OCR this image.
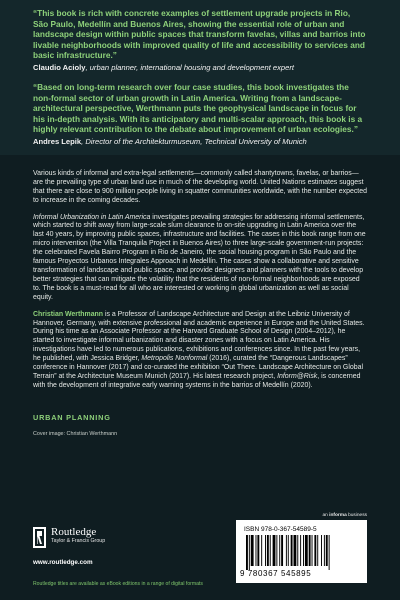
“This book is rich with concrete examples of settlement upgrade projects in Rio, São Paulo, Medellín and Buenos Aires, showing the essential role of urban and landscape design within public spaces that transform favelas, villas and barrios into livable neighborhoods with improved quality of life and accessibility to services and basic infrastructure.”

Claudio Acioly, urban planner, international housing and development expert

“Based on long-term research over four case studies, this book investigates the non-formal sector of urban growth in Latin America. Writing from a landscape-architectural perspective, Werthmann puts the geophysical landscape in focus for his in-depth analysis. With its anticipatory and multi-scalar approach, this book is a highly relevant contribution to the debate about improvement of urban ecologies.”

Andres Lepik, Director of the Architekturmuseum, Technical University of Munich

Various kinds of informal and extra-legal settlements—commonly called shantytowns, favelas, or barrios—are the prevailing type of urban land use in much of the developing world. United Nations estimates suggest that there are close to 900 million people living in squatter communities worldwide, with the number expected to increase in the coming decades.

Informal Urbanization in Latin America investigates prevailing strategies for addressing informal settlements, which started to shift away from large-scale slum clearance to on-site upgrading in Latin America over the last 40 years, by improving public spaces, infrastructure and facilities. The cases in this book range from one micro intervention (the Villa Tranquila Project in Buenos Aires) to three large-scale government-run projects: the celebrated Favela Bairro Program in Rio de Janeiro, the social housing program in São Paulo and the famous Proyectos Urbanos Integrales Approach in Medellín. The cases show a collaborative and sensitive transformation of landscape and public space, and provide designers and planners with the tools to develop better strategies that can mitigate the volatility that the residents of non-formal neighborhoods are exposed to. The book is a must-read for all who are interested or working in global urbanization as well as social equity.

Christian Werthmann is a Professor of Landscape Architecture and Design at the Leibniz University of Hannover, Germany, with extensive professional and academic experience in Europe and the United States. During his time as an Associate Professor at the Harvard Graduate School of Design (2004–2012), he started to investigate informal urbanization and disaster zones with a focus on Latin America. His investigations have led to numerous publications, exhibitions and conferences since. In the past few years, he published, with Jessica Bridger, Metropolis Nonformal (2016), curated the “Dangerous Landscapes” conference in Hannover (2017) and co-curated the exhibition “Out There. Landscape Architecture on Global Terrain” at the Architecture Museum Munich (2017). His latest research project, Inform@Risk, is concerned with the development of integrative early warning systems in the barrios of Medellín (2020).

URBAN PLANNING
Cover image: Christian Werthmann
Routledge
Taylor & Francis Group
www.routledge.com
Routledge titles are available as eBook editions in a range of digital formats
an informa business
ISBN 978-0-367-54589-5
9 780367 545895
